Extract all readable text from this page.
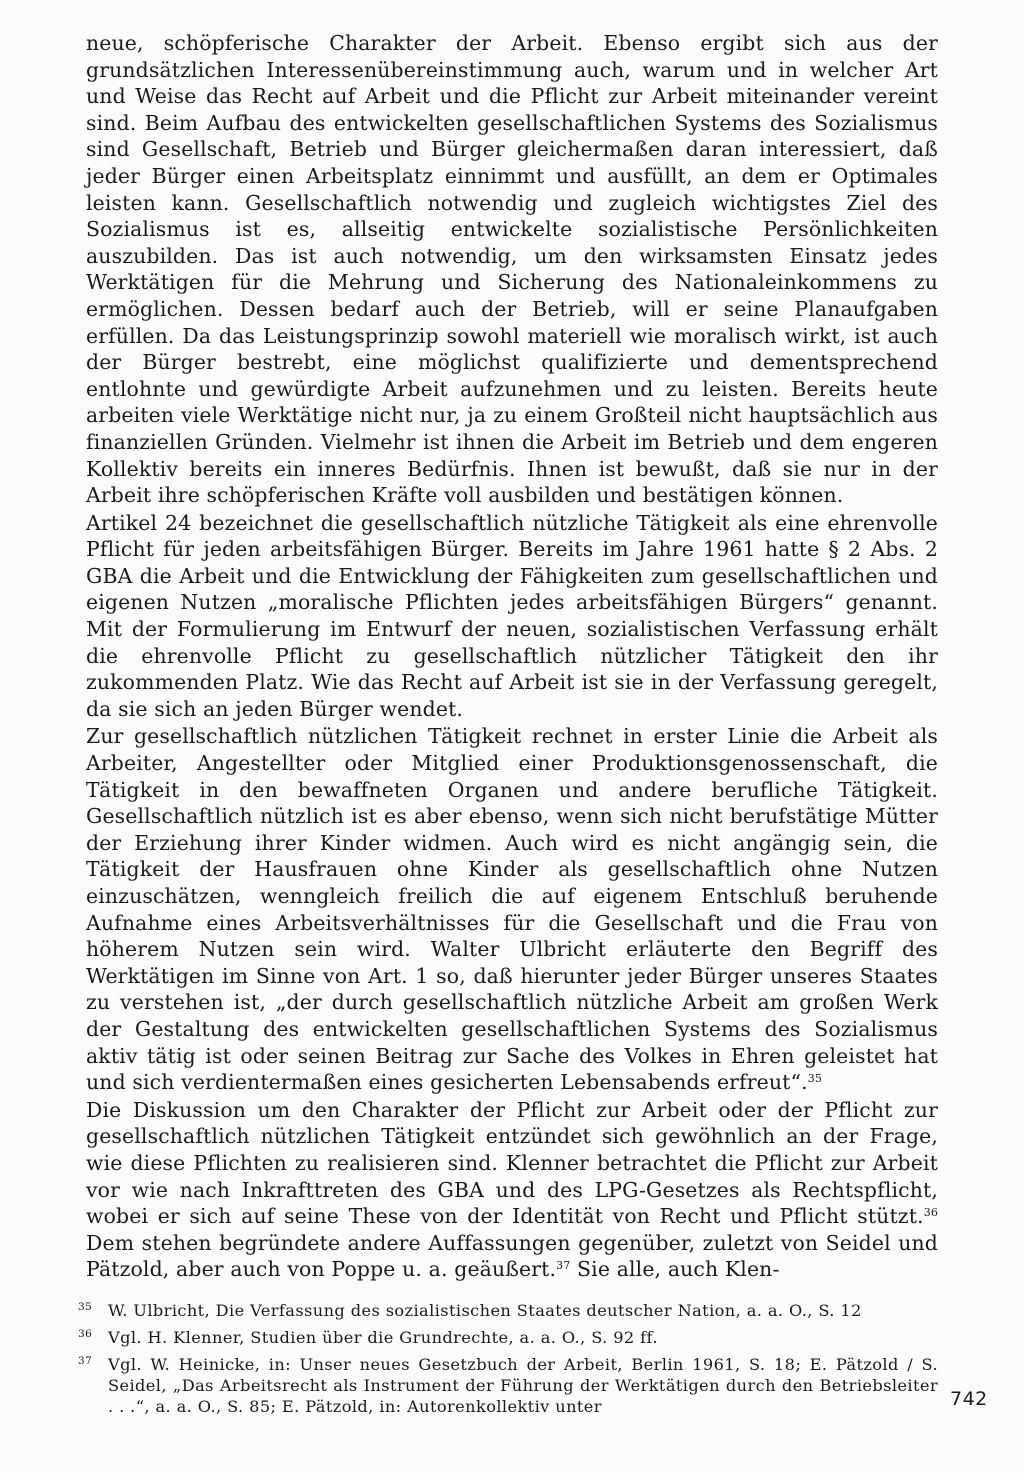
neue, schöpferische Charakter der Arbeit. Ebenso ergibt sich aus der grundsätzlichen Interessenübereinstimmung auch, warum und in welcher Art und Weise das Recht auf Arbeit und die Pflicht zur Arbeit miteinander vereint sind. Beim Aufbau des entwickelten gesellschaftlichen Systems des Sozialismus sind Gesellschaft, Betrieb und Bürger gleichermaßen daran interessiert, daß jeder Bürger einen Arbeitsplatz einnimmt und ausfüllt, an dem er Optimales leisten kann. Gesellschaftlich notwendig und zugleich wichtigstes Ziel des Sozialismus ist es, allseitig entwickelte sozialistische Persönlichkeiten auszubilden. Das ist auch notwendig, um den wirksamsten Einsatz jedes Werktätigen für die Mehrung und Sicherung des Nationaleinkommens zu ermöglichen. Dessen bedarf auch der Betrieb, will er seine Planaufgaben erfüllen. Da das Leistungsprinzip sowohl materiell wie moralisch wirkt, ist auch der Bürger bestrebt, eine möglichst qualifizierte und dementsprechend entlohnte und gewürdigte Arbeit aufzunehmen und zu leisten. Bereits heute arbeiten viele Werktätige nicht nur, ja zu einem Großteil nicht hauptsächlich aus finanziellen Gründen. Vielmehr ist ihnen die Arbeit im Betrieb und dem engeren Kollektiv bereits ein inneres Bedürfnis. Ihnen ist bewußt, daß sie nur in der Arbeit ihre schöpferischen Kräfte voll ausbilden und bestätigen können.

Artikel 24 bezeichnet die gesellschaftlich nützliche Tätigkeit als eine ehrenvolle Pflicht für jeden arbeitsfähigen Bürger. Bereits im Jahre 1961 hatte § 2 Abs. 2 GBA die Arbeit und die Entwicklung der Fähigkeiten zum gesellschaftlichen und eigenen Nutzen „moralische Pflichten jedes arbeitsfähigen Bürgers“ genannt. Mit der Formulierung im Entwurf der neuen, sozialistischen Verfassung erhält die ehrenvolle Pflicht zu gesellschaftlich nützlicher Tätigkeit den ihr zukommenden Platz. Wie das Recht auf Arbeit ist sie in der Verfassung geregelt, da sie sich an jeden Bürger wendet.

Zur gesellschaftlich nützlichen Tätigkeit rechnet in erster Linie die Arbeit als Arbeiter, Angestellter oder Mitglied einer Produktionsgenossenschaft, die Tätigkeit in den bewaffneten Organen und andere berufliche Tätigkeit. Gesellschaftlich nützlich ist es aber ebenso, wenn sich nicht berufstätige Mütter der Erziehung ihrer Kinder widmen. Auch wird es nicht angängig sein, die Tätigkeit der Hausfrauen ohne Kinder als gesellschaftlich ohne Nutzen einzuschätzen, wenngleich freilich die auf eigenem Entschluß beruhende Aufnahme eines Arbeitsverhältnisses für die Gesellschaft und die Frau von höherem Nutzen sein wird. Walter Ulbricht erläuterte den Begriff des Werktätigen im Sinne von Art. 1 so, daß hierunter jeder Bürger unseres Staates zu verstehen ist, „der durch gesellschaftlich nützliche Arbeit am großen Werk der Gestaltung des entwickelten gesellschaftlichen Systems des Sozialismus aktiv tätig ist oder seinen Beitrag zur Sache des Volkes in Ehren geleistet hat und sich verdientermaßen eines gesicherten Lebensabends erfreut“.$^{35}$

Die Diskussion um den Charakter der Pflicht zur Arbeit oder der Pflicht zur gesellschaftlich nützlichen Tätigkeit entzündet sich gewöhnlich an der Frage, wie diese Pflichten zu realisieren sind. Klenner betrachtet die Pflicht zur Arbeit vor wie nach Inkrafttreten des GBA und des LPG-Gesetzes als Rechtspflicht, wobei er sich auf seine These von der Identität von Recht und Pflicht stützt.$^{36}$ Dem stehen begründete andere Auffassungen gegenüber, zuletzt von Seidel und Pätzold, aber auch von Poppe u. a. geäußert.$^{37}$ Sie alle, auch Klen-

35 W. Ulbricht, Die Verfassung des sozialistischen Staates deutscher Nation, a. a. O., S. 12
36 Vgl. H. Klenner, Studien über die Grundrechte, a. a. O., S. 92 ff.
37 Vgl. W. Heinicke, in: Unser neues Gesetzbuch der Arbeit, Berlin 1961, S. 18; E. Pätzold / S. Seidel, „Das Arbeitsrecht als Instrument der Führung der Werktätigen durch den Betriebsleiter . . .“, a. a. O., S. 85; E. Pätzold, in: Autorenkollektiv unter	742
